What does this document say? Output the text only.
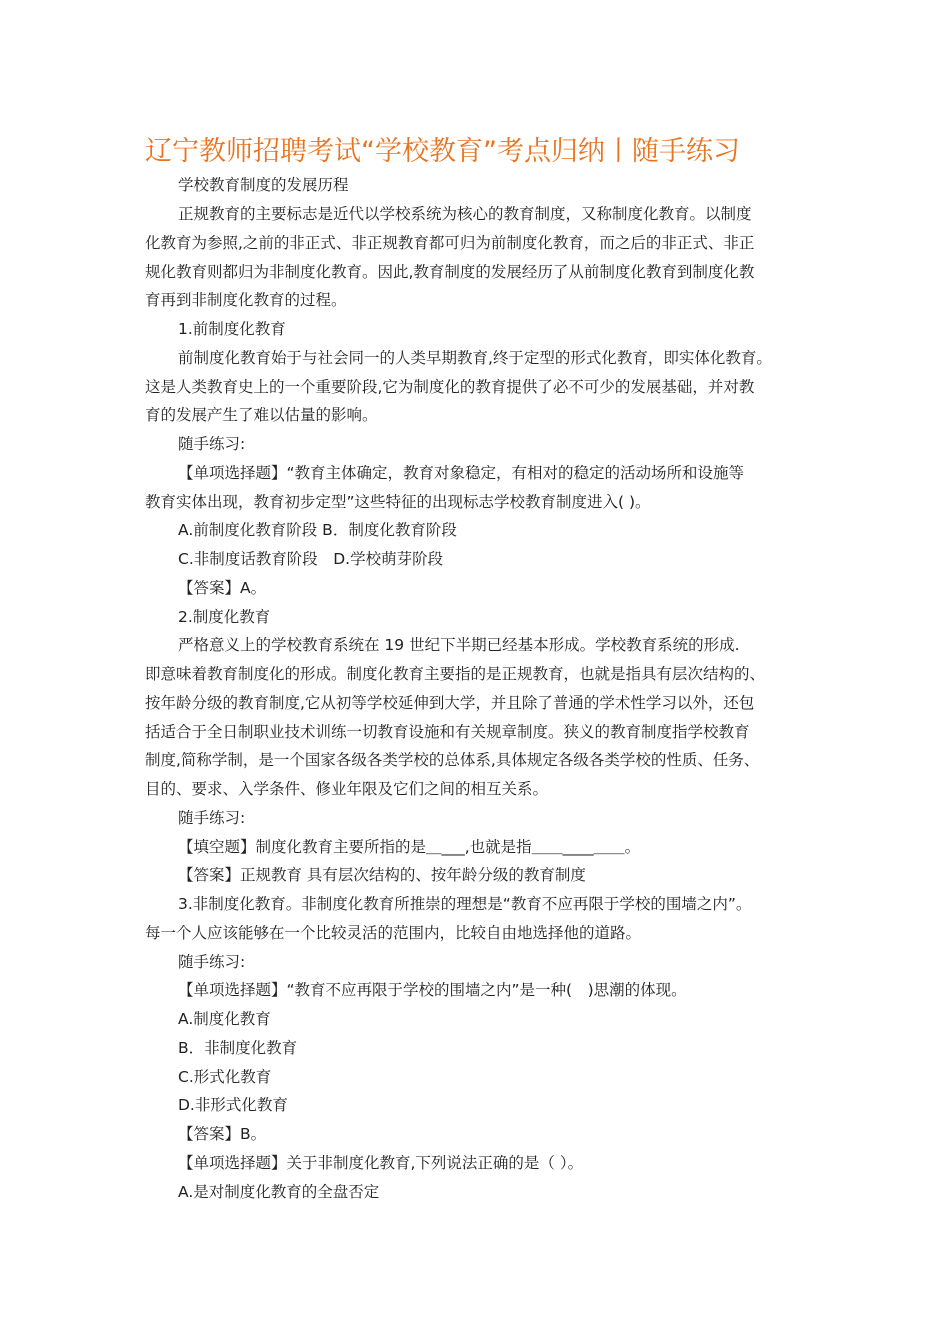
辽宁教师招聘考试“学校教育”考点归纳丨随手练习
学校教育制度的发展历程
正规教育的主要标志是近代以学校系统为核心的教育制度，又称制度化教育。以制度
化教育为参照,之前的非正式、非正规教育都可归为前制度化教育，而之后的非正式、非正
规化教育则都归为非制度化教育。因此,教育制度的发展经历了从前制度化教育到制度化教
育再到非制度化教育的过程。
1.前制度化教育
前制度化教育始于与社会同一的人类早期教育,终于定型的形式化教育，即实体化教育。
这是人类教育史上的一个重要阶段,它为制度化的教育提供了必不可少的发展基础，并对教
育的发展产生了难以估量的影响。
随手练习:
【单项选择题】“教育主体确定，教育对象稳定，有相对的稳定的活动场所和设施等
教育实体出现，教育初步定型”这些特征的出现标志学校教育制度进入( )。
A.前制度化教育阶段 B．制度化教育阶段
C.非制度话教育阶段　D.学校萌芽阶段
【答案】A。
2.制度化教育
严格意义上的学校教育系统在 19 世纪下半期已经基本形成。学校教育系统的形成.
即意味着教育制度化的形成。制度化教育主要指的是正规教育，也就是指具有层次结构的、
按年龄分级的教育制度,它从初等学校延伸到大学，并且除了普通的学术性学习以外，还包
括适合于全日制职业技术训练一切教育设施和有关规章制度。狭义的教育制度指学校教育
制度,简称学制，是一个国家各级各类学校的总体系,具体规定各级各类学校的性质、任务、
目的、要求、入学条件、修业年限及它们之间的相互关系。
随手练习:
【填空题】制度化教育主要所指的是＿___,也就是指＿＿____＿＿。
【答案】正规教育 具有层次结构的、按年龄分级的教育制度
3.非制度化教育。非制度化教育所推崇的理想是“教育不应再限于学校的围墙之内”。
每一个人应该能够在一个比较灵活的范围内，比较自由地选择他的道路。
随手练习:
【单项选择题】“教育不应再限于学校的围墙之内”是一种(　)思潮的体现。
A.制度化教育
B．非制度化教育
C.形式化教育
D.非形式化教育
【答案】B。
【单项选择题】关于非制度化教育,下列说法正确的是（ ）。
A.是对制度化教育的全盘否定
